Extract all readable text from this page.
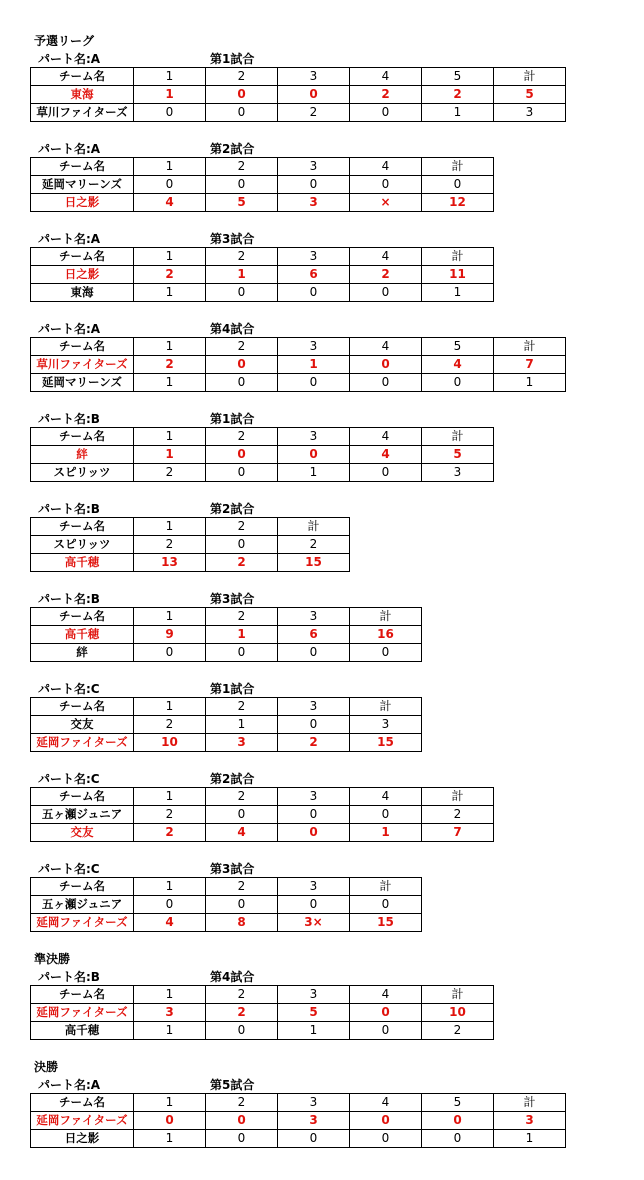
予選リーグ
パート名:A	第1試合
チーム名	1	2	3	4	5	計
東海	1	0	0	2	2	5
草川ファイターズ	0	0	2	0	1	3
パート名:A	第2試合
チーム名	1	2	3	4	計
延岡マリーンズ	0	0	0	0	0
日之影	4	5	3	×	12
パート名:A	第3試合
チーム名	1	2	3	4	計
日之影	2	1	6	2	11
東海	1	0	0	0	1
パート名:A	第4試合
チーム名	1	2	3	4	5	計
草川ファイターズ	2	0	1	0	4	7
延岡マリーンズ	1	0	0	0	0	1
パート名:B	第1試合
チーム名	1	2	3	4	計
絆	1	0	0	4	5
スピリッツ	2	0	1	0	3
パート名:B	第2試合
チーム名	1	2	計
スピリッツ	2	0	2
高千穂	13	2	15
パート名:B	第3試合
チーム名	1	2	3	計
高千穂	9	1	6	16
絆	0	0	0	0
パート名:C	第1試合
チーム名	1	2	3	計
交友	2	1	0	3
延岡ファイターズ	10	3	2	15
パート名:C	第2試合
チーム名	1	2	3	4	計
五ヶ瀬ジュニア	2	0	0	0	2
交友	2	4	0	1	7
パート名:C	第3試合
チーム名	1	2	3	計
五ヶ瀬ジュニア	0	0	0	0
延岡ファイターズ	4	8	3×	15
準決勝
パート名:B	第4試合
チーム名	1	2	3	4	計
延岡ファイターズ	3	2	5	0	10
高千穂	1	0	1	0	2
決勝
パート名:A	第5試合
チーム名	1	2	3	4	5	計
延岡ファイターズ	0	0	3	0	0	3
日之影	1	0	0	0	0	1
